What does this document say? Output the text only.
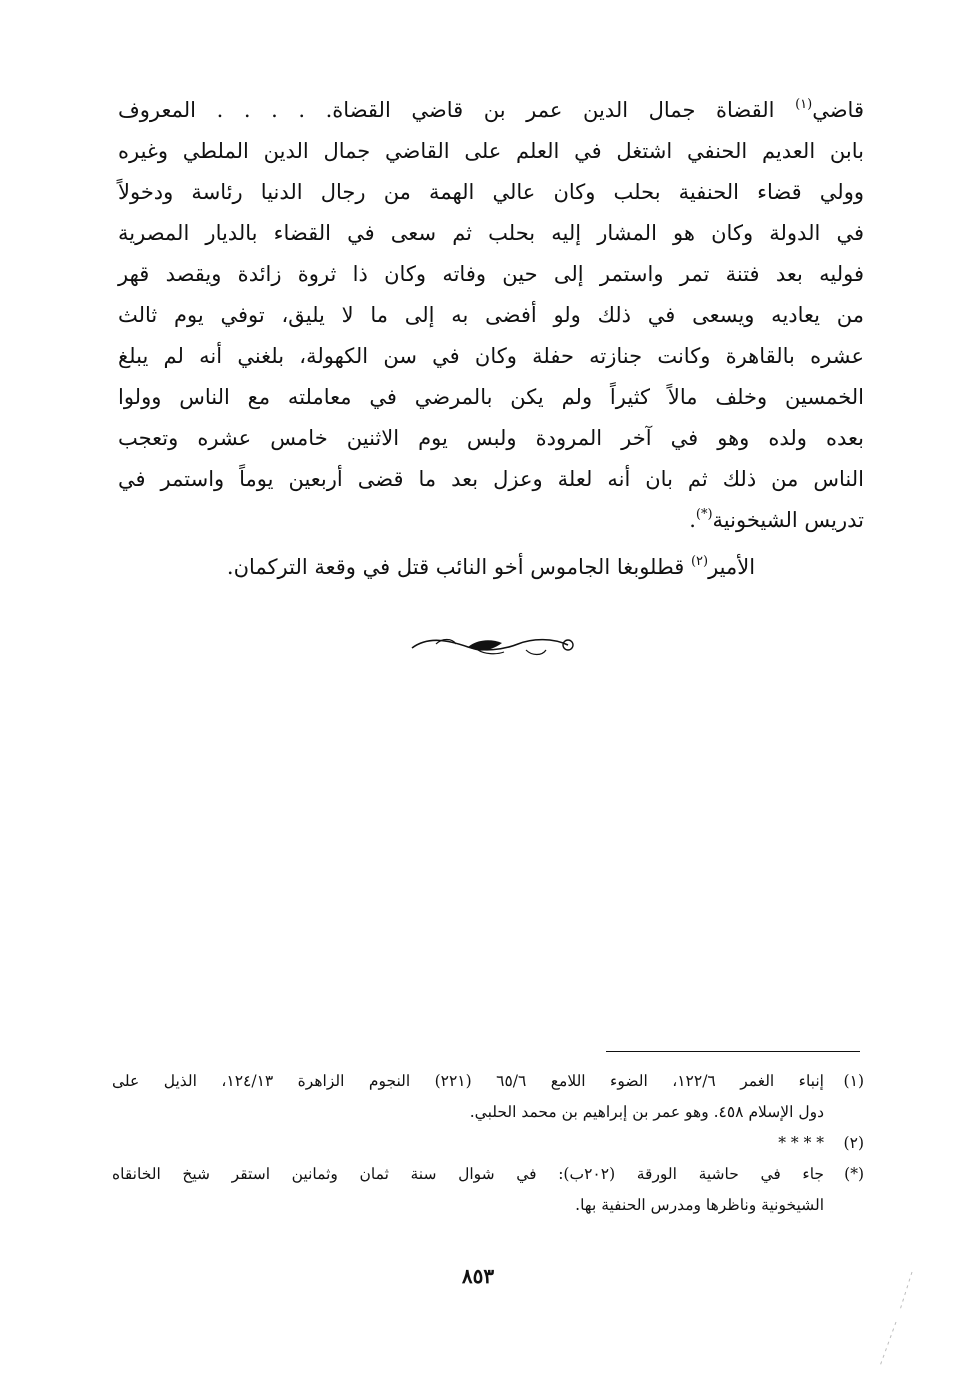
قاضي$^{(١)}$ القضاة جمال الدين عمر بن قاضي القضاة. . . . . المعروف
بابن العديم الحنفي اشتغل في العلم على القاضي جمال الدين الملطي وغيره
وولي قضاء الحنفية بحلب وكان عالي الهمة من رجال الدنيا رئاسة ودخولاً
في الدولة وكان هو المشار إليه بحلب ثم سعى في القضاء بالديار المصرية
فوليه بعد فتنة تمر واستمر إلى حين وفاته وكان ذا ثروة زائدة ويقصد قهر
من يعاديه ويسعى في ذلك ولو أفضى به إلى ما لا يليق، توفي يوم ثالث
عشره بالقاهرة وكانت جنازته حفلة وكان في سن الكهولة، بلغني أنه لم يبلغ
الخمسين وخلف مالاً كثيراً ولم يكن بالمرضي في معاملته مع الناس وولوا
بعده ولده وهو في آخر المرودة ولبس يوم الاثنين خامس عشره وتعجب
الناس من ذلك ثم بان أنه لعلة وعزل بعد ما قضى أربعين يوماً واستمر في
تدريس الشيخونية(*).
الأمير$^{(٢)}$ قطلوبغا الجاموس أخو النائب قتل في وقعة التركمان.
(١)
إنباء الغمر ١٢٢/٦، الضوء اللامع ٦٥/٦ (٢٢١) النجوم الزاهرة ١٢٤/١٣، الذيل على
دول الإسلام ٤٥٨. وهو عمر بن إبراهيم بن محمد الحلبي.
(٢)
* * * *
(*)
جاء في حاشية الورقة (٢٠٢ب): في شوال سنة ثمان وثمانين استقر شيخ الخانقاه
الشيخونية وناظرها ومدرس الحنفية بها.
٨٥٣
